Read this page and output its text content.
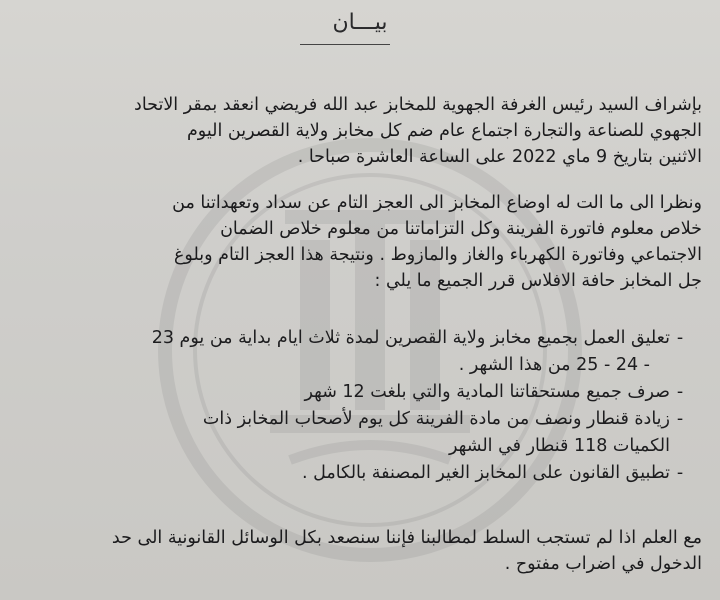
بيـــان
بإشراف السيد رئيس الغرفة الجهوية للمخابز عبد الله فريضي انعقد بمقر الاتحاد
الجهوي للصناعة والتجارة اجتماع عام ضم كل مخابز ولاية القصرين اليوم
الاثنين بتاريخ 9 ماي 2022 على الساعة العاشرة صباحا .
ونظرا الى ما الت له اوضاع المخابز الى العجز التام عن سداد وتعهداتنا من
خلاص معلوم فاتورة الفرينة وكل التزاماتنا من معلوم خلاص الضمان
الاجتماعي وفاتورة الكهرباء والغاز والمازوط . ونتيجة هذا العجز التام وبلوغ
جل المخابز حافة الافلاس قرر الجميع ما يلي :
-
تعليق العمل بجميع مخابز ولاية القصرين لمدة ثلاث ايام بداية من يوم 23
- 24 - 25 من هذا الشهر .
-
صرف جميع مستحقاتنا المادية والتي بلغت 12 شهر
-
زيادة قنطار ونصف من مادة الفرينة كل يوم لأصحاب المخابز ذات
الكميات 118 قنطار في الشهر
-
تطبيق القانون على المخابز الغير المصنفة بالكامل .
مع العلم اذا لم تستجب السلط لمطالبنا فإننا سنصعد بكل الوسائل القانونية الى حد
الدخول في اضراب مفتوح .
